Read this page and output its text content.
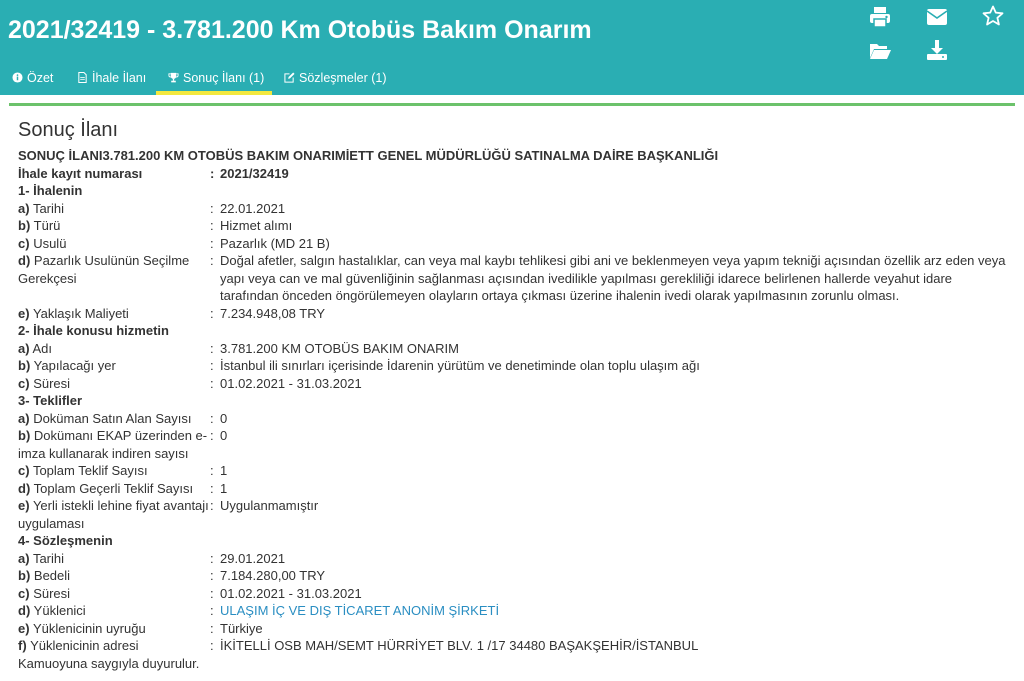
2021/32419 - 3.781.200 Km Otobüs Bakım Onarım
Özet	İhale İlanı	Sonuç İlanı (1)	Sözleşmeler (1)
Sonuç İlanı
SONUÇ İLANI3.781.200 KM OTOBÜS BAKIM ONARIMİETT GENEL MÜDÜRLÜĞÜ SATINALMA DAİRE BAŞKANLIĞI
İhale kayıt numarası	: 2021/32419
1- İhalenin
a) Tarihi	: 22.01.2021
b) Türü	: Hizmet alımı
c) Usulü	: Pazarlık (MD 21 B)
d) Pazarlık Usulünün Seçilme Gerekçesi
: Doğal afetler, salgın hastalıklar, can veya mal kaybı tehlikesi gibi ani ve beklenmeyen veya yapım tekniği açısından özellik arz eden veya yapı veya can ve mal güvenliğinin sağlanması açısından ivedilikle yapılması gerekliliği idarece belirlenen hallerde veyahut idare tarafından önceden öngörülemeyen olayların ortaya çıkması üzerine ihalenin ivedi olarak yapılmasının zorunlu olması.
e) Yaklaşık Maliyeti	: 7.234.948,08 TRY
2- İhale konusu hizmetin
a) Adı	: 3.781.200 KM OTOBÜS BAKIM ONARIM
b) Yapılacağı yer	: İstanbul ili sınırları içerisinde İdarenin yürütüm ve denetiminde olan toplu ulaşım ağı
c) Süresi	: 01.02.2021 - 31.03.2021
3- Teklifler
a) Doküman Satın Alan Sayısı	: 0
b) Dokümanı EKAP üzerinden e-imza kullanarak indiren sayısı
: 0
c) Toplam Teklif Sayısı	: 1
d) Toplam Geçerli Teklif Sayısı	: 1
e) Yerli istekli lehine fiyat avantajı uygulaması
: Uygulanmamıştır
4- Sözleşmenin
a) Tarihi	: 29.01.2021
b) Bedeli	: 7.184.280,00 TRY
c) Süresi	: 01.02.2021 - 31.03.2021
d) Yüklenici	: ULAŞIM İÇ VE DIŞ TİCARET ANONİM ŞİRKETİ
e) Yüklenicinin uyruğu	: Türkiye
f) Yüklenicinin adresi	: İKİTELLİ OSB MAH/SEMT HÜRRİYET BLV. 1 /17 34480 BAŞAKŞEHİR/İSTANBUL
Kamuoyuna saygıyla duyurulur.
